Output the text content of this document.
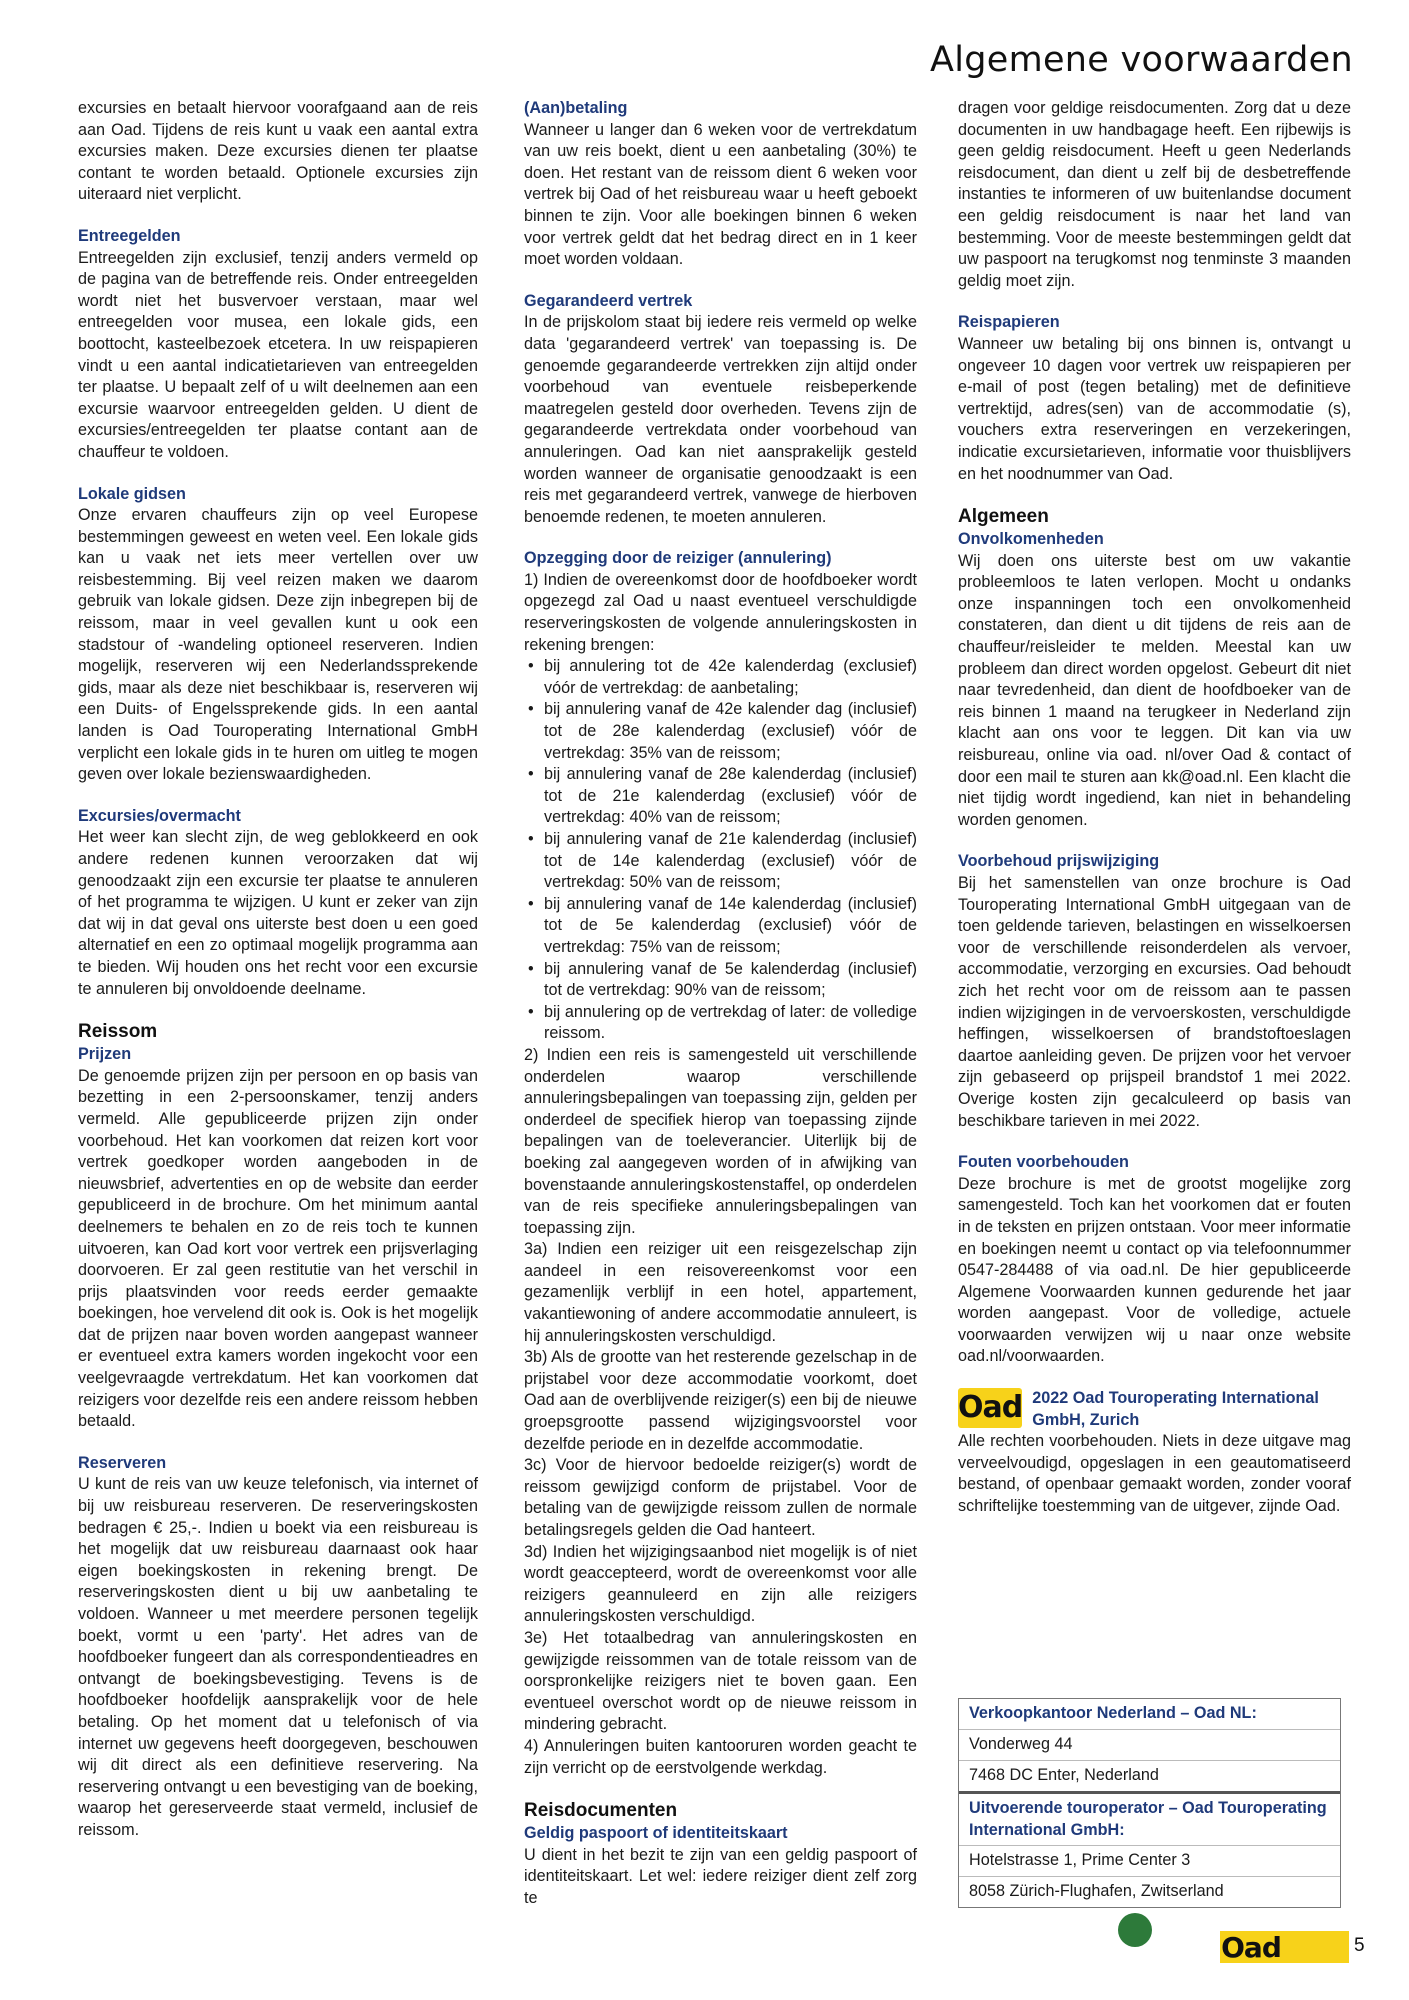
Algemene voorwaarden

excursies en betaalt hiervoor voorafgaand aan de reis aan Oad. Tijdens de reis kunt u vaak een aantal extra excursies maken. Deze excursies dienen ter plaatse contant te worden betaald. Optionele excursies zijn uiteraard niet verplicht.

Entreegelden

Entreegelden zijn exclusief, tenzij anders vermeld op de pagina van de betreffende reis. Onder entreegelden wordt niet het busvervoer verstaan, maar wel entreegelden voor musea, een lokale gids, een boottocht, kasteelbezoek etcetera. In uw reispapieren vindt u een aantal indicatietarieven van entreegelden ter plaatse. U bepaalt zelf of u wilt deelnemen aan een excursie waarvoor entreegelden gelden. U dient de excursies/entreegelden ter plaatse contant aan de chauffeur te voldoen.

Lokale gidsen

Onze ervaren chauffeurs zijn op veel Europese bestemmingen geweest en weten veel. Een lokale gids kan u vaak net iets meer vertellen over uw reisbestemming. Bij veel reizen maken we daarom gebruik van lokale gidsen. Deze zijn inbegrepen bij de reissom, maar in veel gevallen kunt u ook een stadstour of -wandeling optioneel reserveren. Indien mogelijk, reserveren wij een Nederlandssprekende gids, maar als deze niet beschikbaar is, reserveren wij een Duits- of Engelssprekende gids. In een aantal landen is Oad Touroperating International GmbH verplicht een lokale gids in te huren om uitleg te mogen geven over lokale bezienswaardigheden.

Excursies/overmacht

Het weer kan slecht zijn, de weg geblokkeerd en ook andere redenen kunnen veroorzaken dat wij genoodzaakt zijn een excursie ter plaatse te annuleren of het programma te wijzigen. U kunt er zeker van zijn dat wij in dat geval ons uiterste best doen u een goed alternatief en een zo optimaal mogelijk programma aan te bieden. Wij houden ons het recht voor een excursie te annuleren bij onvoldoende deelname.

Reissom
Prijzen

De genoemde prijzen zijn per persoon en op basis van bezetting in een 2-persoonskamer, tenzij anders vermeld. Alle gepubliceerde prijzen zijn onder voorbehoud. Het kan voorkomen dat reizen kort voor vertrek goedkoper worden aangeboden in de nieuwsbrief, advertenties en op de website dan eerder gepubliceerd in de brochure. Om het minimum aantal deelnemers te behalen en zo de reis toch te kunnen uitvoeren, kan Oad kort voor vertrek een prijsverlaging doorvoeren. Er zal geen restitutie van het verschil in prijs plaatsvinden voor reeds eerder gemaakte boekingen, hoe vervelend dit ook is. Ook is het mogelijk dat de prijzen naar boven worden aangepast wanneer er eventueel extra kamers worden ingekocht voor een veelgevraagde vertrekdatum. Het kan voorkomen dat reizigers voor dezelfde reis een andere reissom hebben betaald.

Reserveren

U kunt de reis van uw keuze telefonisch, via internet of bij uw reisbureau reserveren. De reserveringskosten bedragen € 25,-. Indien u boekt via een reisbureau is het mogelijk dat uw reisbureau daarnaast ook haar eigen boekingskosten in rekening brengt. De reserveringskosten dient u bij uw aanbetaling te voldoen. Wanneer u met meerdere personen tegelijk boekt, vormt u een 'party'. Het adres van de hoofdboeker fungeert dan als correspondentieadres en ontvangt de boekingsbevestiging. Tevens is de hoofdboeker hoofdelijk aansprakelijk voor de hele betaling. Op het moment dat u telefonisch of via internet uw gegevens heeft doorgegeven, beschouwen wij dit direct als een definitieve reservering. Na reservering ontvangt u een bevestiging van de boeking, waarop het gereserveerde staat vermeld, inclusief de reissom.

(Aan)betaling

Wanneer u langer dan 6 weken voor de vertrekdatum van uw reis boekt, dient u een aanbetaling (30%) te doen. Het restant van de reissom dient 6 weken voor vertrek bij Oad of het reisbureau waar u heeft geboekt binnen te zijn. Voor alle boekingen binnen 6 weken voor vertrek geldt dat het bedrag direct en in 1 keer moet worden voldaan.

Gegarandeerd vertrek

In de prijskolom staat bij iedere reis vermeld op welke data 'gegarandeerd vertrek' van toepassing is. De genoemde gegarandeerde vertrekken zijn altijd onder voorbehoud van eventuele reisbeperkende maatregelen gesteld door overheden. Tevens zijn de gegarandeerde vertrekdata onder voorbehoud van annuleringen. Oad kan niet aansprakelijk gesteld worden wanneer de organisatie genoodzaakt is een reis met gegarandeerd vertrek, vanwege de hierboven benoemde redenen, te moeten annuleren.

Opzegging door de reiziger (annulering)

1) Indien de overeenkomst door de hoofdboeker wordt opgezegd zal Oad u naast eventueel verschuldigde reserveringskosten de volgende annuleringskosten in rekening brengen:

• bij annulering tot de 42e kalenderdag (exclusief) vóór de vertrekdag: de aanbetaling;
• bij annulering vanaf de 42e kalender dag (inclusief) tot de 28e kalenderdag (exclusief) vóór de vertrekdag: 35% van de reissom;
• bij annulering vanaf de 28e kalenderdag (inclusief) tot de 21e kalenderdag (exclusief) vóór de vertrekdag: 40% van de reissom;
• bij annulering vanaf de 21e kalenderdag (inclusief) tot de 14e kalenderdag (exclusief) vóór de vertrekdag: 50% van de reissom;
• bij annulering vanaf de 14e kalenderdag (inclusief) tot de 5e kalenderdag (exclusief) vóór de vertrekdag: 75% van de reissom;
• bij annulering vanaf de 5e kalenderdag (inclusief) tot de vertrekdag: 90% van de reissom;
• bij annulering op de vertrekdag of later: de volledige reissom.

2) Indien een reis is samengesteld uit verschillende onderdelen waarop verschillende annuleringsbepalingen van toepassing zijn, gelden per onderdeel de specifiek hierop van toepassing zijnde bepalingen van de toeleverancier. Uiterlijk bij de boeking zal aangegeven worden of in afwijking van bovenstaande annuleringskostenstaffel, op onderdelen van de reis specifieke annuleringsbepalingen van toepassing zijn.

3a) Indien een reiziger uit een reisgezelschap zijn aandeel in een reisovereenkomst voor een gezamenlijk verblijf in een hotel, appartement, vakantiewoning of andere accommodatie annuleert, is hij annuleringskosten verschuldigd.

3b) Als de grootte van het resterende gezelschap in de prijstabel voor deze accommodatie voorkomt, doet Oad aan de overblijvende reiziger(s) een bij de nieuwe groepsgrootte passend wijzigingsvoorstel voor dezelfde periode en in dezelfde accommodatie.

3c) Voor de hiervoor bedoelde reiziger(s) wordt de reissom gewijzigd conform de prijstabel. Voor de betaling van de gewijzigde reissom zullen de normale betalingsregels gelden die Oad hanteert.

3d) Indien het wijzigingsaanbod niet mogelijk is of niet wordt geaccepteerd, wordt de overeenkomst voor alle reizigers geannuleerd en zijn alle reizigers annuleringskosten verschuldigd.

3e) Het totaalbedrag van annuleringskosten en gewijzigde reissommen van de totale reissom van de oorspronkelijke reizigers niet te boven gaan. Een eventueel overschot wordt op de nieuwe reissom in mindering gebracht.

4) Annuleringen buiten kantooruren worden geacht te zijn verricht op de eerstvolgende werkdag.

Reisdocumenten
Geldig paspoort of identiteitskaart

U dient in het bezit te zijn van een geldig paspoort of identiteitskaart. Let wel: iedere reiziger dient zelf zorg te

dragen voor geldige reisdocumenten. Zorg dat u deze documenten in uw handbagage heeft. Een rijbewijs is geen geldig reisdocument. Heeft u geen Nederlands reisdocument, dan dient u zelf bij de desbetreffende instanties te informeren of uw buitenlandse document een geldig reisdocument is naar het land van bestemming. Voor de meeste bestemmingen geldt dat uw paspoort na terugkomst nog tenminste 3 maanden geldig moet zijn.

Reispapieren

Wanneer uw betaling bij ons binnen is, ontvangt u ongeveer 10 dagen voor vertrek uw reispapieren per e-mail of post (tegen betaling) met de definitieve vertrektijd, adres(sen) van de accommodatie (s), vouchers extra reserveringen en verzekeringen, indicatie excursietarieven, informatie voor thuisblijvers en het noodnummer van Oad.

Algemeen
Onvolkomenheden

Wij doen ons uiterste best om uw vakantie probleemloos te laten verlopen. Mocht u ondanks onze inspanningen toch een onvolkomenheid constateren, dan dient u dit tijdens de reis aan de chauffeur/reisleider te melden. Meestal kan uw probleem dan direct worden opgelost. Gebeurt dit niet naar tevredenheid, dan dient de hoofdboeker van de reis binnen 1 maand na terugkeer in Nederland zijn klacht aan ons voor te leggen. Dit kan via uw reisbureau, online via oad. nl/over Oad & contact of door een mail te sturen aan kk@oad.nl. Een klacht die niet tijdig wordt ingediend, kan niet in behandeling worden genomen.

Voorbehoud prijswijziging

Bij het samenstellen van onze brochure is Oad Touroperating International GmbH uitgegaan van de toen geldende tarieven, belastingen en wisselkoersen voor de verschillende reisonderdelen als vervoer, accommodatie, verzorging en excursies. Oad behoudt zich het recht voor om de reissom aan te passen indien wijzigingen in de vervoerskosten, verschuldigde heffingen, wisselkoersen of brandstoftoeslagen daartoe aanleiding geven. De prijzen voor het vervoer zijn gebaseerd op prijspeil brandstof 1 mei 2022. Overige kosten zijn gecalculeerd op basis van beschikbare tarieven in mei 2022.

Fouten voorbehouden

Deze brochure is met de grootst mogelijke zorg samengesteld. Toch kan het voorkomen dat er fouten in de teksten en prijzen ontstaan. Voor meer informatie en boekingen neemt u contact op via telefoonnummer 0547-284488 of via oad.nl. De hier gepubliceerde Algemene Voorwaarden kunnen gedurende het jaar worden aangepast. Voor de volledige, actuele voorwaarden verwijzen wij u naar onze website oad.nl/voorwaarden.

Oad 2022 Oad Touroperating International GmbH, Zurich

Alle rechten voorbehouden. Niets in deze uitgave mag verveelvoudigd, opgeslagen in een geautomatiseerd bestand, of openbaar gemaakt worden, zonder vooraf schriftelijke toestemming van de uitgever, zijnde Oad.

Verkoopkantoor Nederland – Oad NL:
Vonderweg 44
7468 DC Enter, Nederland
Uitvoerende touroperator – Oad Touroperating International GmbH:
Hotelstrasse 1, Prime Center 3
8058 Zürich-Flughafen, Zwitserland
Oad	5
